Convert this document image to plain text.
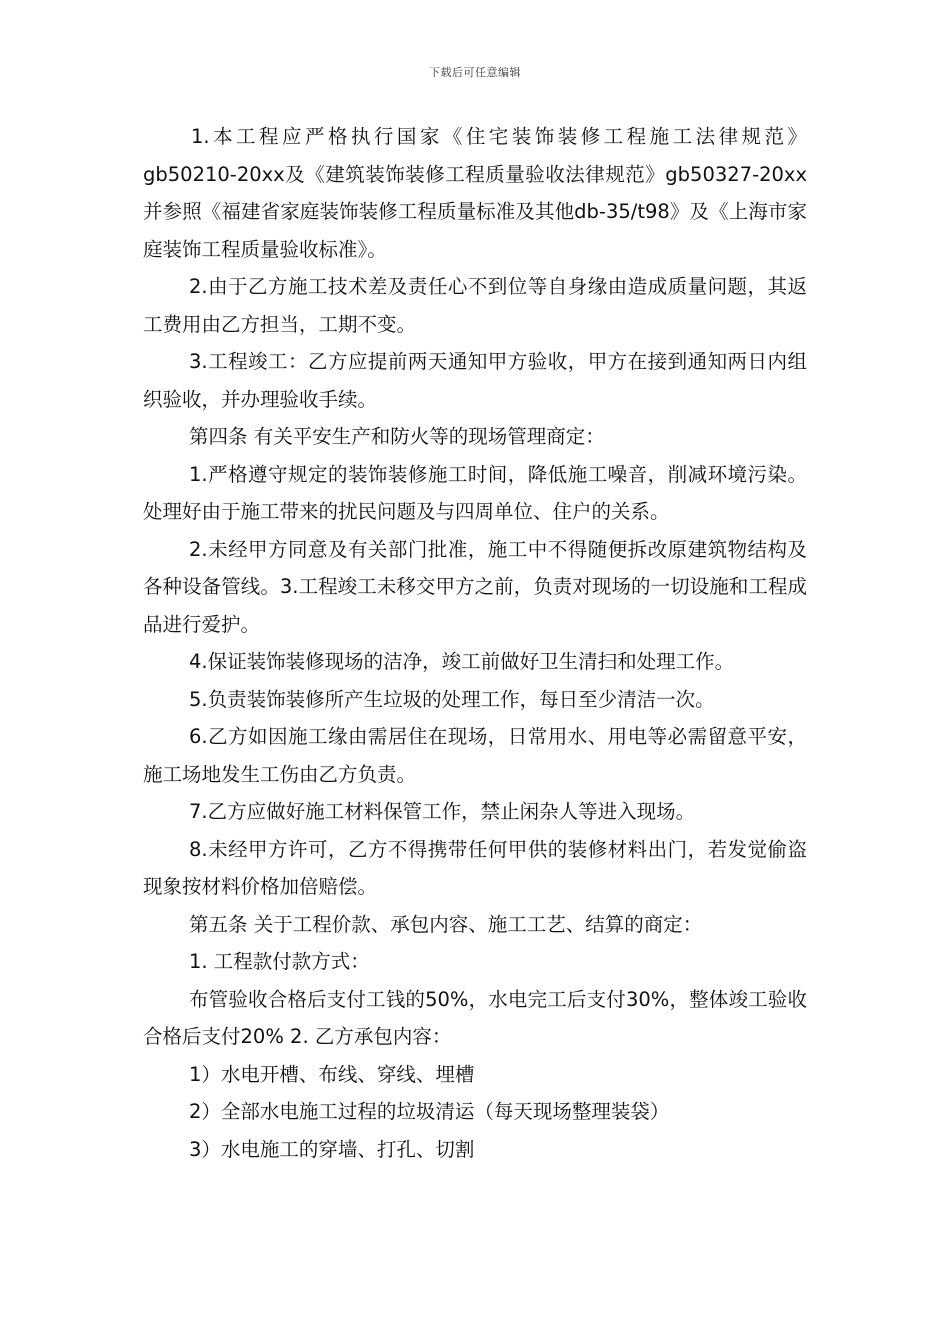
下载后可任意编辑

1.本工程应严格执行国家《住宅装饰装修工程施工法律规范》gb50210-20xx及《建筑装饰装修工程质量验收法律规范》gb50327-20xx并参照《福建省家庭装饰装修工程质量标准及其他db-35/t98》及《上海市家庭装饰工程质量验收标准》。

2.由于乙方施工技术差及责任心不到位等自身缘由造成质量问题，其返工费用由乙方担当，工期不变。

3.工程竣工：乙方应提前两天通知甲方验收，甲方在接到通知两日内组织验收，并办理验收手续。

第四条 有关平安生产和防火等的现场管理商定：

1.严格遵守规定的装饰装修施工时间，降低施工噪音，削减环境污染。处理好由于施工带来的扰民问题及与四周单位、住户的关系。

2.未经甲方同意及有关部门批准，施工中不得随便拆改原建筑物结构及各种设备管线。3.工程竣工未移交甲方之前，负责对现场的一切设施和工程成品进行爱护。

4.保证装饰装修现场的洁净，竣工前做好卫生清扫和处理工作。

5.负责装饰装修所产生垃圾的处理工作，每日至少清洁一次。

6.乙方如因施工缘由需居住在现场，日常用水、用电等必需留意平安，施工场地发生工伤由乙方负责。

7.乙方应做好施工材料保管工作，禁止闲杂人等进入现场。

8.未经甲方许可，乙方不得携带任何甲供的装修材料出门，若发觉偷盗现象按材料价格加倍赔偿。

第五条 关于工程价款、承包内容、施工工艺、结算的商定：

1. 工程款付款方式：

布管验收合格后支付工钱的50%，水电完工后支付30%，整体竣工验收合格后支付20% 2. 乙方承包内容：

1）水电开槽、布线、穿线、埋槽

2）全部水电施工过程的垃圾清运（每天现场整理装袋）

3）水电施工的穿墙、打孔、切割
